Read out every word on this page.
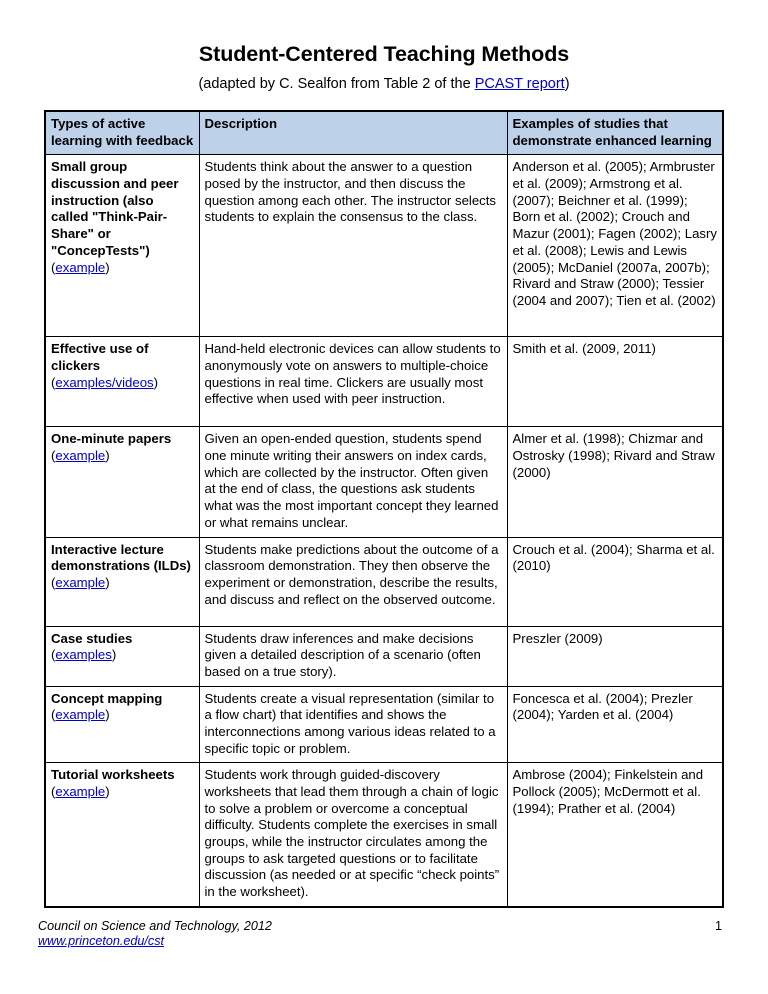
Student-Centered Teaching Methods
(adapted by C. Sealfon from Table 2 of the PCAST report)
Types of active learning with feedback	Description	Examples of studies that demonstrate enhanced learning

Small group discussion and peer instruction (also called "Think-Pair-Share" or "ConcepTests")
(example)	Students think about the answer to a question posed by the instructor, and then discuss the question among each other. The instructor selects students to explain the consensus to the class.	Anderson et al. (2005); Armbruster et al. (2009); Armstrong et al. (2007); Beichner et al. (1999); Born et al. (2002); Crouch and Mazur (2001); Fagen (2002); Lasry et al. (2008); Lewis and Lewis (2005); McDaniel (2007a, 2007b); Rivard and Straw (2000); Tessier (2004 and 2007); Tien et al. (2002)

Effective use of clickers
(examples/videos)	Hand-held electronic devices can allow students to anonymously vote on answers to multiple-choice questions in real time. Clickers are usually most effective when used with peer instruction.	Smith et al. (2009, 2011)

One-minute papers
(example)	Given an open-ended question, students spend one minute writing their answers on index cards, which are collected by the instructor. Often given at the end of class, the questions ask students what was the most important concept they learned or what remains unclear.	Almer et al. (1998); Chizmar and Ostrosky (1998); Rivard and Straw (2000)

Interactive lecture demonstrations (ILDs)
(example)	Students make predictions about the outcome of a classroom demonstration. They then observe the experiment or demonstration, describe the results, and discuss and reflect on the observed outcome.	Crouch et al. (2004); Sharma et al. (2010)

Case studies
(examples)	Students draw inferences and make decisions given a detailed description of a scenario (often based on a true story).	Preszler (2009)

Concept mapping
(example)	Students create a visual representation (similar to a flow chart) that identifies and shows the interconnections among various ideas related to a specific topic or problem.	Foncesca et al. (2004); Prezler (2004); Yarden et al. (2004)

Tutorial worksheets
(example)	Students work through guided-discovery worksheets that lead them through a chain of logic to solve a problem or overcome a conceptual difficulty. Students complete the exercises in small groups, while the instructor circulates among the groups to ask targeted questions or to facilitate discussion (as needed or at specific “check points” in the worksheet).	Ambrose (2004); Finkelstein and Pollock (2005); McDermott et al. (1994); Prather et al. (2004)
Council on Science and Technology, 2012
www.princeton.edu/cst
1
